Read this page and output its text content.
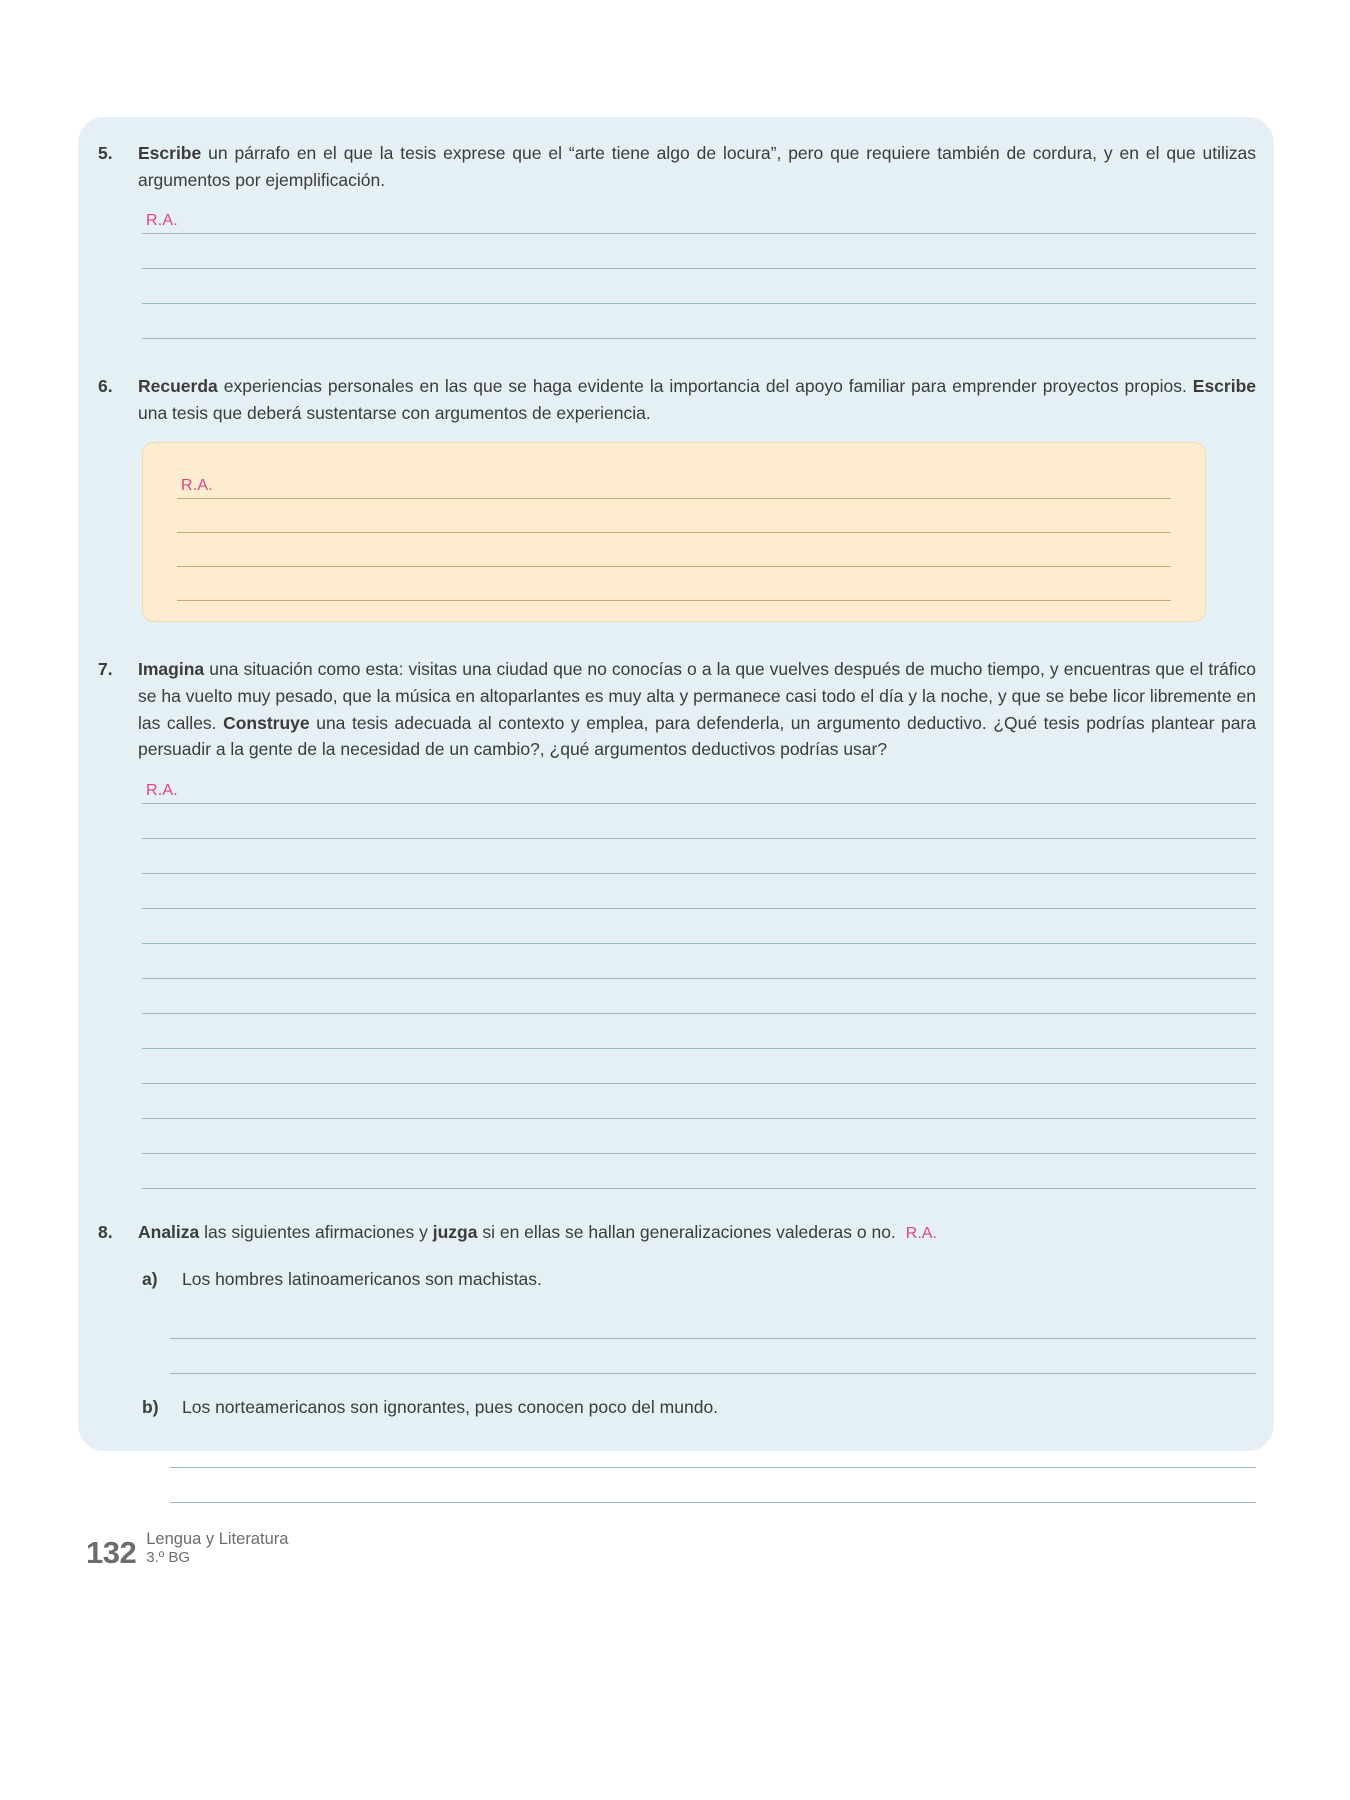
5.	Escribe un párrafo en el que la tesis exprese que el “arte tiene algo de locura”, pero que requiere también de cordura, y en el que utilizas argumentos por ejemplificación.
R.A.
6.	Recuerda experiencias personales en las que se haga evidente la importancia del apoyo familiar para emprender proyectos propios. Escribe una tesis que deberá sustentarse con argumentos de experiencia.
R.A.
7.	Imagina una situación como esta: visitas una ciudad que no conocías o a la que vuelves después de mucho tiempo, y encuentras que el tráfico se ha vuelto muy pesado, que la música en altoparlantes es muy alta y permanece casi todo el día y la noche, y que se bebe licor libremente en las calles. Construye una tesis adecuada al contexto y emplea, para defenderla, un argumento deductivo. ¿Qué tesis podrías plantear para persuadir a la gente de la necesidad de un cambio?, ¿qué argumentos deductivos podrías usar?
R.A.
8.	Analiza las siguientes afirmaciones y juzga si en ellas se hallan generalizaciones valederas o no. R.A.
a)	Los hombres latinoamericanos son machistas.
b)	Los norteamericanos son ignorantes, pues conocen poco del mundo.
132 Lengua y Literatura
3.º BG
